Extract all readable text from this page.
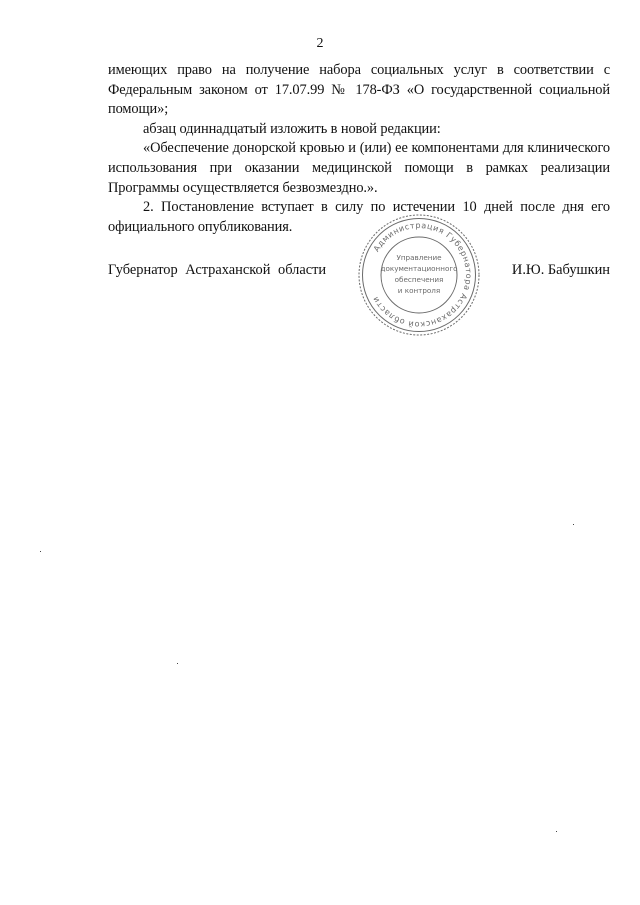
2

имеющих право на получение набора социальных услуг в соответствии с Федеральным законом от 17.07.99 № 178-ФЗ «О государственной социальной помощи»;

абзац одиннадцатый изложить в новой редакции:

«Обеспечение донорской кровью и (или) ее компонентами для клинического использования при оказании медицинской помощи в рамках реализации Программы осуществляется безвозмездно.».

2. Постановление вступает в силу по истечении 10 дней после дня его официального опубликования.

Губернатор Астраханской области	И.Ю. Бабушкин
Администрация Губернатора Астраханской области
Управление
документационного
обеспечения
и контроля
